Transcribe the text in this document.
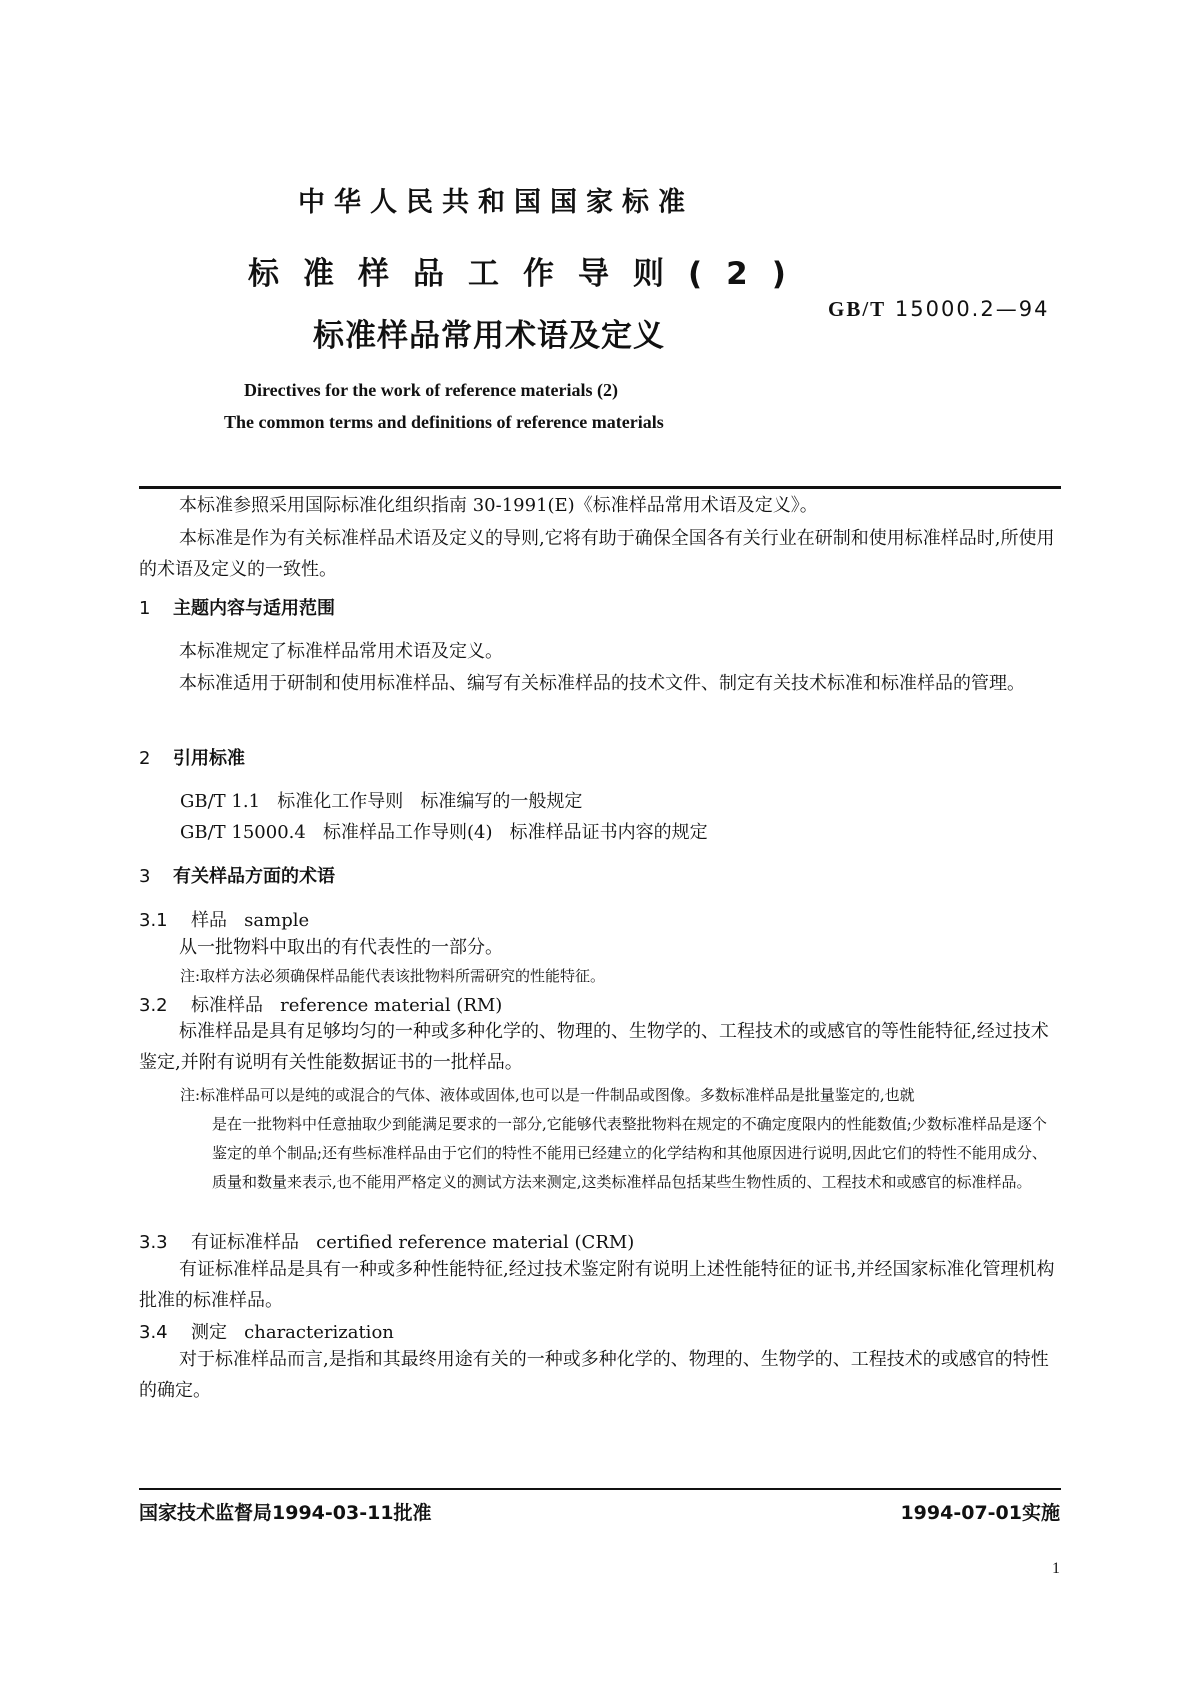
中华人民共和国国家标准
标准样品工作导则(2)
标准样品常用术语及定义
GB/T 15000.2—94
Directives for the work of reference materials (2)
The common terms and definitions of reference materials
本标准参照采用国际标准化组织指南 30-1991(E)《标准样品常用术语及定义》。
本标准是作为有关标准样品术语及定义的导则,它将有助于确保全国各有关行业在研制和使用标准样品时,所使用的术语及定义的一致性。
1 主题内容与适用范围
本标准规定了标准样品常用术语及定义。
本标准适用于研制和使用标准样品、编写有关标准样品的技术文件、制定有关技术标准和标准样品的管理。
2 引用标准
GB/T 1.1   标准化工作导则   标准编写的一般规定
GB/T 15000.4   标准样品工作导则(4)   标准样品证书内容的规定
3 有关样品方面的术语
3.1 样品   sample
从一批物料中取出的有代表性的一部分。
注:取样方法必须确保样品能代表该批物料所需研究的性能特征。
3.2 标准样品   reference material (RM)
标准样品是具有足够均匀的一种或多种化学的、物理的、生物学的、工程技术的或感官的等性能特征,经过技术鉴定,并附有说明有关性能数据证书的一批样品。
注:标准样品可以是纯的或混合的气体、液体或固体,也可以是一件制品或图像。多数标准样品是批量鉴定的,也就
是在一批物料中任意抽取少到能满足要求的一部分,它能够代表整批物料在规定的不确定度限内的性能数值;少数标准样品是逐个鉴定的单个制品;还有些标准样品由于它们的特性不能用已经建立的化学结构和其他原因进行说明,因此它们的特性不能用成分、质量和数量来表示,也不能用严格定义的测试方法来测定,这类标准样品包括某些生物性质的、工程技术和或感官的标准样品。
3.3 有证标准样品   certified reference material (CRM)
有证标准样品是具有一种或多种性能特征,经过技术鉴定附有说明上述性能特征的证书,并经国家标准化管理机构批准的标准样品。
3.4 测定   characterization
对于标准样品而言,是指和其最终用途有关的一种或多种化学的、物理的、生物学的、工程技术的或感官的特性的确定。
国家技术监督局1994-03-11批准	1994-07-01实施
1
